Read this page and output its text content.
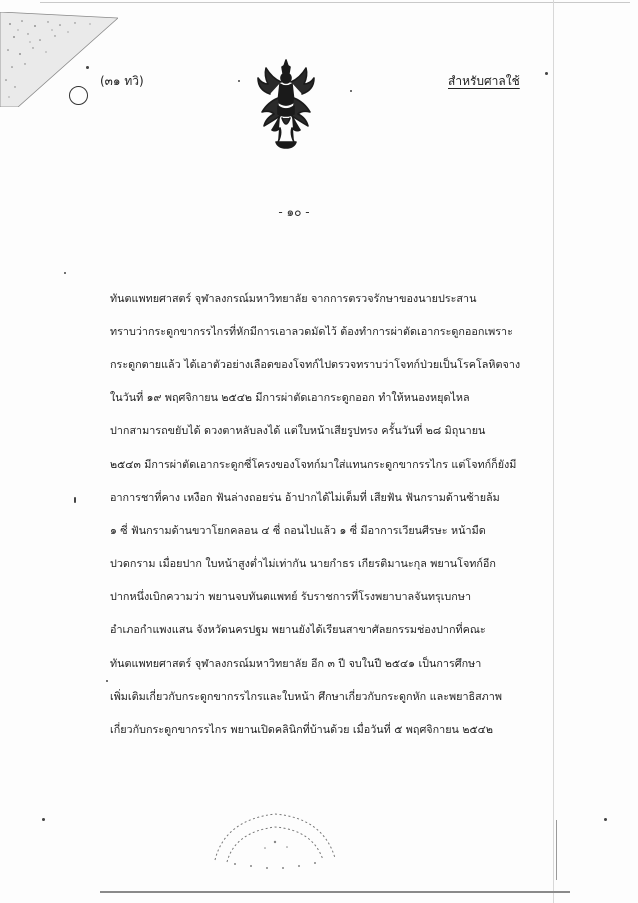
(๓๑ ทวิ)	สำหรับศาลใช้
- ๑๐ -
ทันตแพทยศาสตร์ จุฬาลงกรณ์มหาวิทยาลัย จากการตรวจรักษาของนายประสาน
ทราบว่ากระดูกขากรรไกรที่หักมีการเอาลวดมัดไว้ ต้องทำการผ่าตัดเอากระดูกออกเพราะ
กระดูกตายแล้ว ได้เอาตัวอย่างเลือดของโจทก์ไปตรวจทราบว่าโจทก์ป่วยเป็นโรคโลหิตจาง
ในวันที่ ๑๙ พฤศจิกายน ๒๕๔๒ มีการผ่าตัดเอากระดูกออก ทำให้หนองหยุดไหล
ปากสามารถขยับได้ ดวงตาหลับลงได้ แต่ใบหน้าเสียรูปทรง ครั้นวันที่ ๒๘ มิถุนายน
๒๕๔๓ มีการผ่าตัดเอากระดูกซี่โครงของโจทก์มาใส่แทนกระดูกขากรรไกร แต่โจทก์ก็ยังมี
อาการชาที่คาง เหงือก ฟันล่างถอยร่น อ้าปากได้ไม่เต็มที่ เสียฟัน ฟันกรามด้านซ้ายล้ม
๑ ซี่ ฟันกรามด้านขวาโยกคลอน ๔ ซี่ ถอนไปแล้ว ๑ ซี่ มีอาการเวียนศีรษะ หน้ามืด
ปวดกราม เมื่อยปาก ใบหน้าสูงต่ำไม่เท่ากัน นายกำธร เกียรติมานะกุล พยานโจทก์อีก
ปากหนึ่งเบิกความว่า พยานจบทันตแพทย์ รับราชการที่โรงพยาบาลจันทรุเบกษา
อำเภอกำแพงแสน จังหวัดนครปฐม พยานยังได้เรียนสาขาศัลยกรรมช่องปากที่คณะ
ทันตแพทยศาสตร์ จุฬาลงกรณ์มหาวิทยาลัย อีก ๓ ปี จบในปี ๒๕๔๑ เป็นการศึกษา
เพิ่มเติมเกี่ยวกับกระดูกขากรรไกรและใบหน้า ศึกษาเกี่ยวกับกระดูกหัก และพยาธิสภาพ
เกี่ยวกับกระดูกขากรรไกร พยานเปิดคลินิกที่บ้านด้วย เมื่อวันที่ ๕ พฤศจิกายน ๒๕๔๒
